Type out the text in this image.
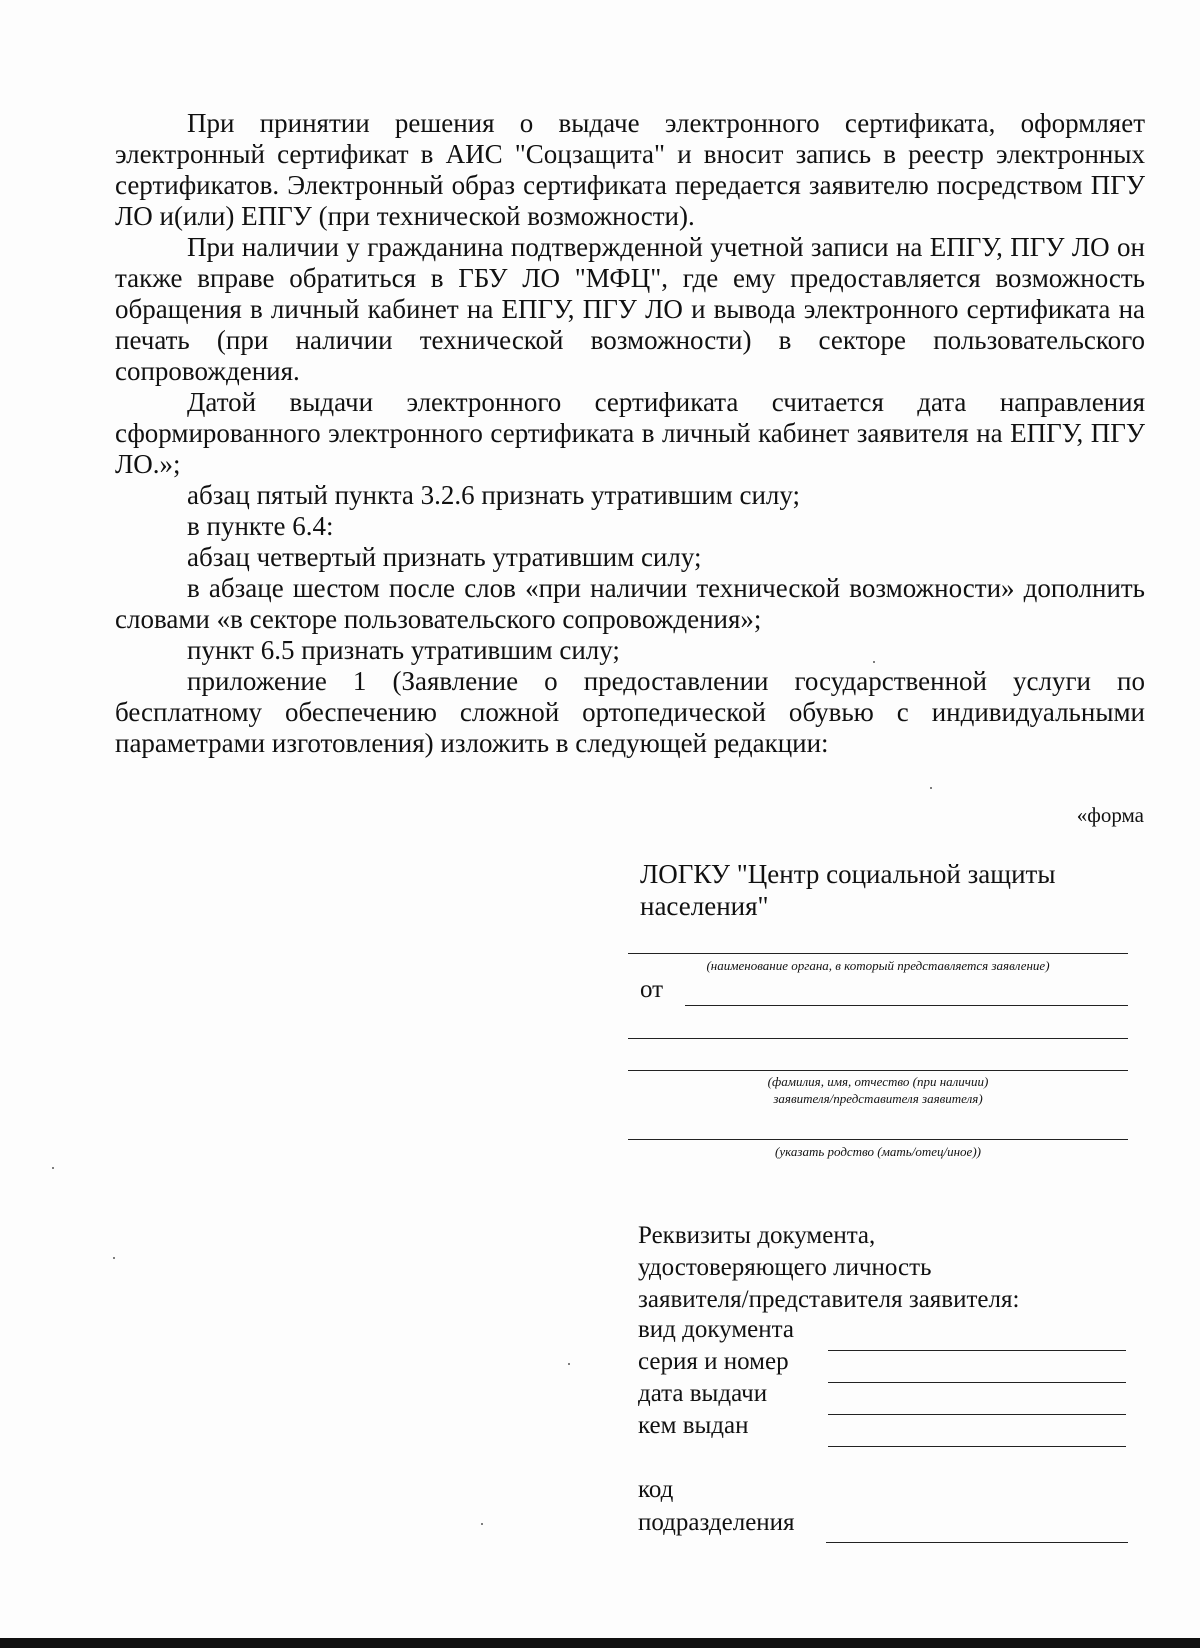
При принятии решения о выдаче электронного сертификата, оформляет электронный сертификат в АИС "Соцзащита" и вносит запись в реестр электронных сертификатов. Электронный образ сертификата передается заявителю посредством ПГУ ЛО и(или) ЕПГУ (при технической возможности).

При наличии у гражданина подтвержденной учетной записи на ЕПГУ, ПГУ ЛО он также вправе обратиться в ГБУ ЛО "МФЦ", где ему предоставляется возможность обращения в личный кабинет на ЕПГУ, ПГУ ЛО и вывода электронного сертификата на печать (при наличии технической возможности) в секторе пользовательского сопровождения.

Датой выдачи электронного сертификата считается дата направления сформированного электронного сертификата в личный кабинет заявителя на ЕПГУ, ПГУ ЛО.»;

абзац пятый пункта 3.2.6 признать утратившим силу;

в пункте 6.4:

абзац четвертый признать утратившим силу;

в абзаце шестом после слов «при наличии технической возможности» дополнить словами «в секторе пользовательского сопровождения»;

пункт 6.5 признать утратившим силу;

приложение 1 (Заявление о предоставлении государственной услуги по бесплатному обеспечению сложной ортопедической обувью с индивидуальными параметрами изготовления) изложить в следующей редакции:

«форма
ЛОГКУ "Центр социальной защиты населения"
(наименование органа, в который представляется заявление)
от
(фамилия, имя, отчество (при наличии)
заявителя/представителя заявителя)
(указать родство (мать/отец/иное))
Реквизиты документа,
удостоверяющего личность
заявителя/представителя заявителя:
вид документа
серия и номер
дата выдачи
кем выдан
код
подразделения
